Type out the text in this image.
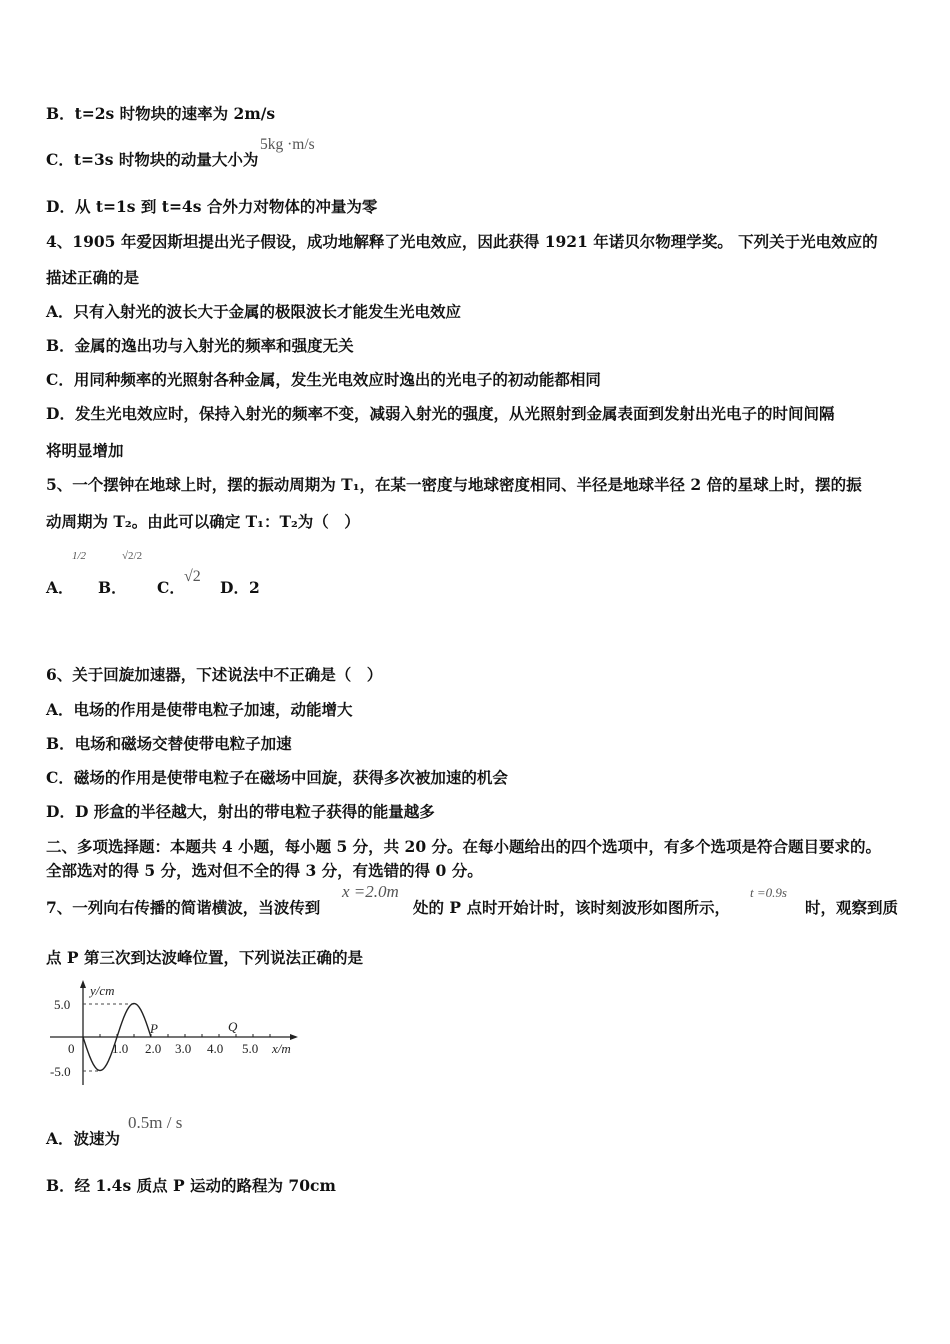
B．t=2s 时物块的速率为 2m/s
C．t=3s 时物块的动量大小为
5kg ·m/s
D．从 t=1s 到 t=4s 合外力对物体的冲量为零
4、1905 年爱因斯坦提出光子假设，成功地解释了光电效应，因此获得 1921 年诺贝尔物理学奖。 下列关于光电效应的
描述正确的是
A．只有入射光的波长大于金属的极限波长才能发生光电效应
B．金属的逸出功与入射光的频率和强度无关
C．用同种频率的光照射各种金属，发生光电效应时逸出的光电子的初动能都相同
D．发生光电效应时，保持入射光的频率不变，减弱入射光的强度，从光照射到金属表面到发射出光电子的时间间隔
将明显增加
5、一个摆钟在地球上时，摆的振动周期为 T₁，在某一密度与地球密度相同、半径是地球半径 2 倍的星球上时，摆的振
动周期为 T₂。由此可以确定 T₁：T₂为（　）
A．
1/2
B．
√2/2
C．
√2
D．2
6、关于回旋加速器，下述说法中不正确是（　）
A．电场的作用是使带电粒子加速，动能增大
B．电场和磁场交替使带电粒子加速
C．磁场的作用是使带电粒子在磁场中回旋，获得多次被加速的机会
D．D 形盒的半径越大，射出的带电粒子获得的能量越多
二、多项选择题：本题共 4 小题，每小题 5 分，共 20 分。在每小题给出的四个选项中，有多个选项是符合题目要求的。
全部选对的得 5 分，选对但不全的得 3 分，有选错的得 0 分。
7、一列向右传播的简谐横波，当波传到
x =2.0m
处的 P 点时开始计时，该时刻波形如图所示，
t =0.9s
时，观察到质
点 P 第三次到达波峰位置，下列说法正确的是
y/cm
5.0
-5.0
0	1.0 2.0 3.0 4.0 5.0 x/m
P	Q
A．波速为
0.5m / s
B．经 1.4s 质点 P 运动的路程为 70cm
